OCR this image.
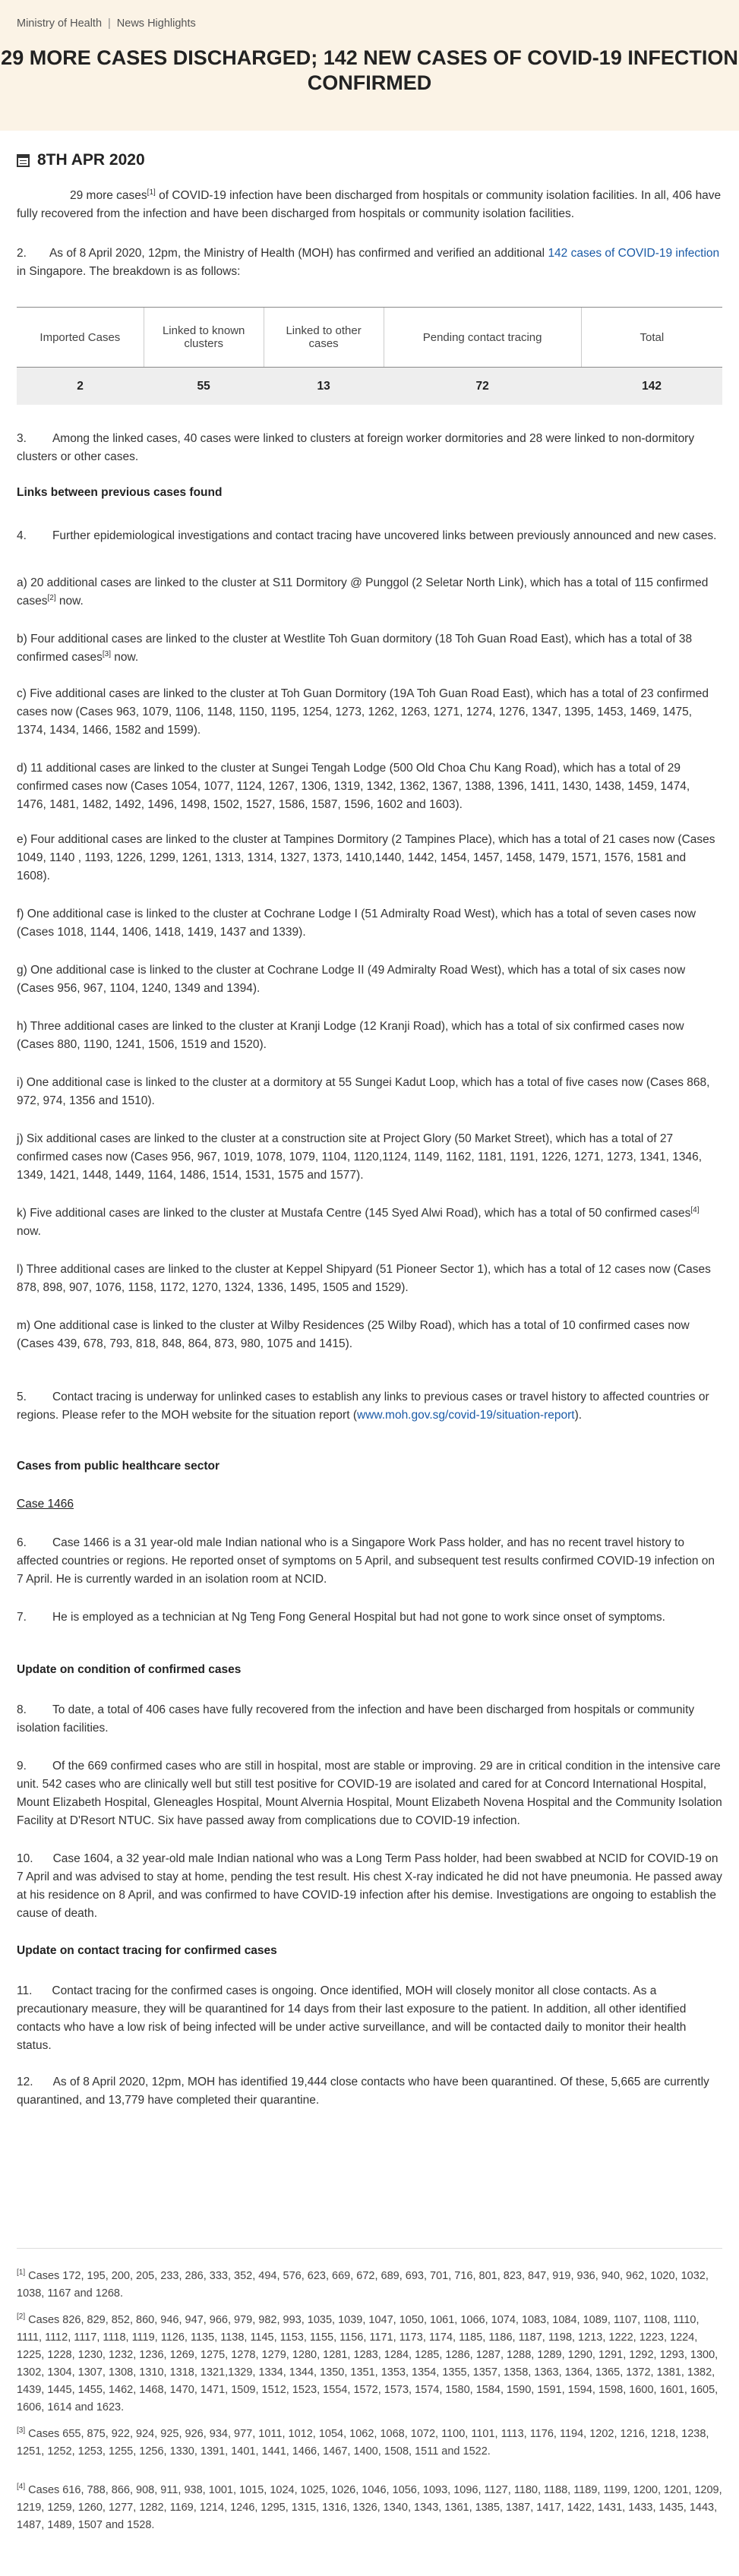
Ministry of Health | News Highlights
29 MORE CASES DISCHARGED; 142 NEW CASES OF COVID-19 INFECTION CONFIRMED
8TH APR 2020

29 more cases[1] of COVID-19 infection have been discharged from hospitals or community isolation facilities. In all, 406 have fully recovered from the infection and have been discharged from hospitals or community isolation facilities.

2. As of 8 April 2020, 12pm, the Ministry of Health (MOH) has confirmed and verified an additional 142 cases of COVID-19 infection in Singapore. The breakdown is as follows:

Imported Cases	Linked to known clusters	Linked to other cases	Pending contact tracing	Total
2	55	13	72	142

3. Among the linked cases, 40 cases were linked to clusters at foreign worker dormitories and 28 were linked to non-dormitory clusters or other cases.

Links between previous cases found

4. Further epidemiological investigations and contact tracing have uncovered links between previously announced and new cases.

a) 20 additional cases are linked to the cluster at S11 Dormitory @ Punggol (2 Seletar North Link), which has a total of 115 confirmed cases[2] now.

b) Four additional cases are linked to the cluster at Westlite Toh Guan dormitory (18 Toh Guan Road East), which has a total of 38 confirmed cases[3] now.

c) Five additional cases are linked to the cluster at Toh Guan Dormitory (19A Toh Guan Road East), which has a total of 23 confirmed cases now (Cases 963, 1079, 1106, 1148, 1150, 1195, 1254, 1273, 1262, 1263, 1271, 1274, 1276, 1347, 1395, 1453, 1469, 1475, 1374, 1434, 1466, 1582 and 1599).

d) 11 additional cases are linked to the cluster at Sungei Tengah Lodge (500 Old Choa Chu Kang Road), which has a total of 29 confirmed cases now (Cases 1054, 1077, 1124, 1267, 1306, 1319, 1342, 1362, 1367, 1388, 1396, 1411, 1430, 1438, 1459, 1474, 1476, 1481, 1482, 1492, 1496, 1498, 1502, 1527, 1586, 1587, 1596, 1602 and 1603).

e) Four additional cases are linked to the cluster at Tampines Dormitory (2 Tampines Place), which has a total of 21 cases now (Cases 1049, 1140 , 1193, 1226, 1299, 1261, 1313, 1314, 1327, 1373, 1410,1440, 1442, 1454, 1457, 1458, 1479, 1571, 1576, 1581 and 1608).

f) One additional case is linked to the cluster at Cochrane Lodge I (51 Admiralty Road West), which has a total of seven cases now (Cases 1018, 1144, 1406, 1418, 1419, 1437 and 1339).

g) One additional case is linked to the cluster at Cochrane Lodge II (49 Admiralty Road West), which has a total of six cases now (Cases 956, 967, 1104, 1240, 1349 and 1394).

h) Three additional cases are linked to the cluster at Kranji Lodge (12 Kranji Road), which has a total of six confirmed cases now (Cases 880, 1190, 1241, 1506, 1519 and 1520).

i) One additional case is linked to the cluster at a dormitory at 55 Sungei Kadut Loop, which has a total of five cases now (Cases 868, 972, 974, 1356 and 1510).

j) Six additional cases are linked to the cluster at a construction site at Project Glory (50 Market Street), which has a total of 27 confirmed cases now (Cases 956, 967, 1019, 1078, 1079, 1104, 1120,1124, 1149, 1162, 1181, 1191, 1226, 1271, 1273, 1341, 1346, 1349, 1421, 1448, 1449, 1164, 1486, 1514, 1531, 1575 and 1577).

k) Five additional cases are linked to the cluster at Mustafa Centre (145 Syed Alwi Road), which has a total of 50 confirmed cases[4] now.

l) Three additional cases are linked to the cluster at Keppel Shipyard (51 Pioneer Sector 1), which has a total of 12 cases now (Cases 878, 898, 907, 1076, 1158, 1172, 1270, 1324, 1336, 1495, 1505 and 1529).

m) One additional case is linked to the cluster at Wilby Residences (25 Wilby Road), which has a total of 10 confirmed cases now (Cases 439, 678, 793, 818, 848, 864, 873, 980, 1075 and 1415).

5. Contact tracing is underway for unlinked cases to establish any links to previous cases or travel history to affected countries or regions. Please refer to the MOH website for the situation report (www.moh.gov.sg/covid-19/situation-report).

Cases from public healthcare sector
Case 1466

6. Case 1466 is a 31 year-old male Indian national who is a Singapore Work Pass holder, and has no recent travel history to affected countries or regions. He reported onset of symptoms on 5 April, and subsequent test results confirmed COVID-19 infection on 7 April. He is currently warded in an isolation room at NCID.

7. He is employed as a technician at Ng Teng Fong General Hospital but had not gone to work since onset of symptoms.

Update on condition of confirmed cases

8. To date, a total of 406 cases have fully recovered from the infection and have been discharged from hospitals or community isolation facilities.

9. Of the 669 confirmed cases who are still in hospital, most are stable or improving. 29 are in critical condition in the intensive care unit. 542 cases who are clinically well but still test positive for COVID-19 are isolated and cared for at Concord International Hospital, Mount Elizabeth Hospital, Gleneagles Hospital, Mount Alvernia Hospital, Mount Elizabeth Novena Hospital and the Community Isolation Facility at D'Resort NTUC. Six have passed away from complications due to COVID-19 infection.

10. Case 1604, a 32 year-old male Indian national who was a Long Term Pass holder, had been swabbed at NCID for COVID-19 on 7 April and was advised to stay at home, pending the test result. His chest X-ray indicated he did not have pneumonia. He passed away at his residence on 8 April, and was confirmed to have COVID-19 infection after his demise. Investigations are ongoing to establish the cause of death.

Update on contact tracing for confirmed cases

11. Contact tracing for the confirmed cases is ongoing. Once identified, MOH will closely monitor all close contacts. As a precautionary measure, they will be quarantined for 14 days from their last exposure to the patient. In addition, all other identified contacts who have a low risk of being infected will be under active surveillance, and will be contacted daily to monitor their health status.

12. As of 8 April 2020, 12pm, MOH has identified 19,444 close contacts who have been quarantined. Of these, 5,665 are currently quarantined, and 13,779 have completed their quarantine.

[1] Cases 172, 195, 200, 205, 233, 286, 333, 352, 494, 576, 623, 669, 672, 689, 693, 701, 716, 801, 823, 847, 919, 936, 940, 962, 1020, 1032, 1038, 1167 and 1268.

[2] Cases 826, 829, 852, 860, 946, 947, 966, 979, 982, 993, 1035, 1039, 1047, 1050, 1061, 1066, 1074, 1083, 1084, 1089, 1107, 1108, 1110, 1111, 1112, 1117, 1118, 1119, 1126, 1135, 1138, 1145, 1153, 1155, 1156, 1171, 1173, 1174, 1185, 1186, 1187, 1198, 1213, 1222, 1223, 1224, 1225, 1228, 1230, 1232, 1236, 1269, 1275, 1278, 1279, 1280, 1281, 1283, 1284, 1285, 1286, 1287, 1288, 1289, 1290, 1291, 1292, 1293, 1300, 1302, 1304, 1307, 1308, 1310, 1318, 1321,1329, 1334, 1344, 1350, 1351, 1353, 1354, 1355, 1357, 1358, 1363, 1364, 1365, 1372, 1381, 1382, 1439, 1445, 1455, 1462, 1468, 1470, 1471, 1509, 1512, 1523, 1554, 1572, 1573, 1574, 1580, 1584, 1590, 1591, 1594, 1598, 1600, 1601, 1605, 1606, 1614 and 1623.

[3] Cases 655, 875, 922, 924, 925, 926, 934, 977, 1011, 1012, 1054, 1062, 1068, 1072, 1100, 1101, 1113, 1176, 1194, 1202, 1216, 1218, 1238, 1251, 1252, 1253, 1255, 1256, 1330, 1391, 1401, 1441, 1466, 1467, 1400, 1508, 1511 and 1522.

[4] Cases 616, 788, 866, 908, 911, 938, 1001, 1015, 1024, 1025, 1026, 1046, 1056, 1093, 1096, 1127, 1180, 1188, 1189, 1199, 1200, 1201, 1209, 1219, 1259, 1260, 1277, 1282, 1169, 1214, 1246, 1295, 1315, 1316, 1326, 1340, 1343, 1361, 1385, 1387, 1417, 1422, 1431, 1433, 1435, 1443, 1487, 1489, 1507 and 1528.
